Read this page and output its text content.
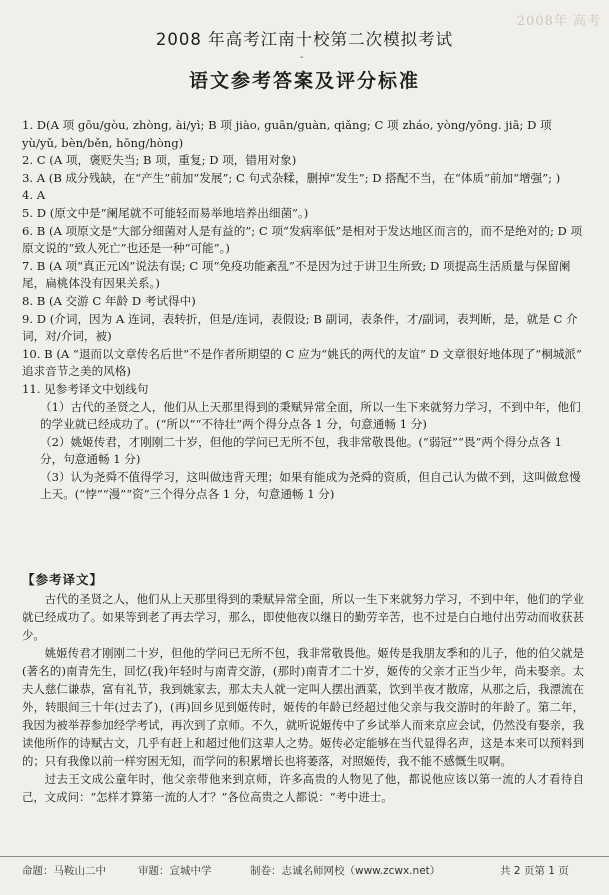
2008年 高考
2008 年高考江南十校第二次模拟考试
-
语文参考答案及评分标准

1. D(A 项 gōu/gòu, zhòng, ài/yì; B 项 jiào, guān/guàn, qiǎng; C 项 zháo, yòng/yōng. jiā; D 项 yù/yǔ, bèn/běn, hōng/hòng)

2. C (A 项，褒贬失当; B 项，重复; D 项，错用对象)

3. A (B 成分残缺，在“产生”前加“发展”; C 句式杂糅，删掉“发生”; D 搭配不当，在“体质”前加“增强”; )

4. A

5. D (原文中是“阑尾就不可能轻而易举地培养出细菌”。)

6. B (A 项原文是“大部分细菌对人是有益的”; C 项“发病率低”是相对于发达地区而言的，而不是绝对的; D 项原文说的“致人死亡”也还是一种“可能”。)

7. B (A 项“真正元凶”说法有误; C 项“免疫功能紊乱”不是因为过于讲卫生所致; D 项提高生活质量与保留阑尾，扁桃体没有因果关系。)

8. B (A 交游 C 年龄 D 考试得中)

9. D (介词，因为 A 连词，表转折，但是/连词，表假设; B 副词，表条件，才/副词，表判断，是，就是 C 介词，对/介词，被)

10. B (A “退而以文章传名后世”不是作者所期望的 C 应为“姚氏的两代的友谊” D 文章很好地体现了“桐城派” 追求音节之美的风格)

11. 见参考译文中划线句

（1）古代的圣贤之人，他们从上天那里得到的秉赋异常全面，所以一生下来就努力学习，不到中年，他们的学业就已经成功了。(“所以”“不待壮”两个得分点各 1 分，句意通畅 1 分)

（2）姚姬传君，才刚刚二十岁，但他的学问已无所不包，我非常敬畏他。(“弱冠”“畏”两个得分点各 1 分，句意通畅 1 分)

（3）认为尧舜不值得学习，这叫做违背天理；如果有能成为尧舜的资质，但自己认为做不到，这叫做怠慢上天。(“悖”“漫”“资”三个得分点各 1 分，句意通畅 1 分)

【参考译文】

古代的圣贤之人，他们从上天那里得到的秉赋异常全面，所以一生下来就努力学习，不到中年，他们的学业就已经成功了。如果等到老了再去学习，那么，即使他夜以继日的勤劳辛苦，也不过是白白地付出劳动而收获甚少。

姚姬传君才刚刚二十岁，但他的学问已无所不包，我非常敬畏他。姬传是我朋友季和的儿子，他的伯父就是(著名的)南青先生，回忆(我)年轻时与南青交游，(那时)南青才二十岁，姬传的父亲才正当少年，尚未娶亲。太夫人慈仁谦恭，富有礼节，我到姚家去，那太夫人就一定叫人摆出酒菜，饮到半夜才散席，从那之后，我漂流在外，转眼间三十年(过去了)，(再)回乡见到姬传时，姬传的年龄已经超过他父亲与我交游时的年龄了。第二年，我因为被举荐参加经学考试，再次到了京师。不久，就听说姬传中了乡试举人而来京应会试，仍然没有娶亲，我读他所作的诗赋古文，几乎有赶上和超过他们这辈人之势。姬传必定能够在当代显得名声，这是本来可以预料到的；只有我像以前一样穷困无知，而学问的积累增长也将萎落，对照姬传，我不能不感慨生叹啊。

过去王文成公童年时，他父亲带他来到京师，许多高贵的人物见了他，都说他应该以第一流的人才看待自己，文成问：“怎样才算第一流的人才？”各位高贵之人都说：“考中进士。

命题：马鞍山二中	审题：宣城中学	制卷：志诚名师网校（www.zcwx.net）	共 2 页第 1 页
